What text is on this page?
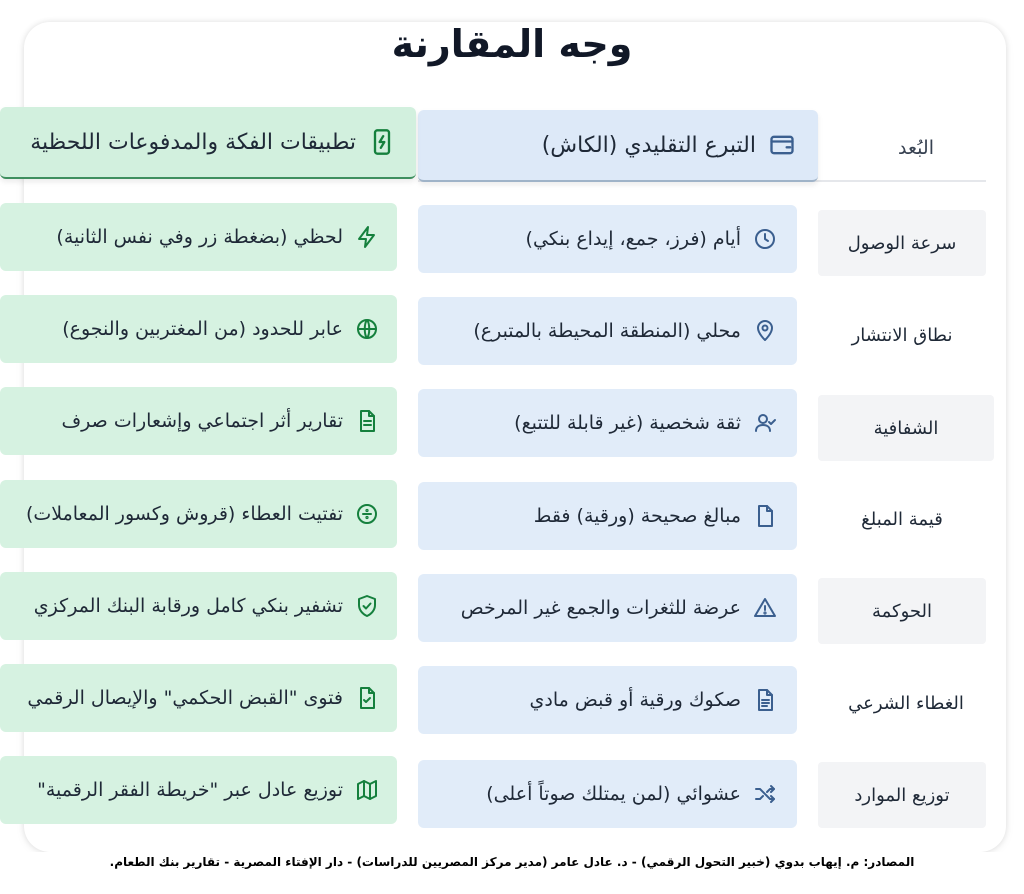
وجه المقارنة
البُعد
التبرع التقليدي (الكاش)
تطبيقات الفكة والمدفوعات اللحظية
سرعة الوصول
أيام (فرز، جمع، إيداع بنكي)
لحظي (بضغطة زر وفي نفس الثانية)
نطاق الانتشار
محلي (المنطقة المحيطة بالمتبرع)
عابر للحدود (من المغتربين والنجوع)
الشفافية
ثقة شخصية (غير قابلة للتتبع)
تقارير أثر اجتماعي وإشعارات صرف
قيمة المبلغ
مبالغ صحيحة (ورقية) فقط
تفتيت العطاء (قروش وكسور المعاملات)
الحوكمة
عرضة للثغرات والجمع غير المرخص
تشفير بنكي كامل ورقابة البنك المركزي
الغطاء الشرعي
صكوك ورقية أو قبض مادي
فتوى "القبض الحكمي" والإيصال الرقمي
توزيع الموارد
عشوائي (لمن يمتلك صوتاً أعلى)
توزيع عادل عبر "خريطة الفقر الرقمية"
المصادر: م. إيهاب بدوي (خبير التحول الرقمي) - د. عادل عامر (مدير مركز المصريين للدراسات) - دار الإفتاء المصرية - تقارير بنك الطعام.
